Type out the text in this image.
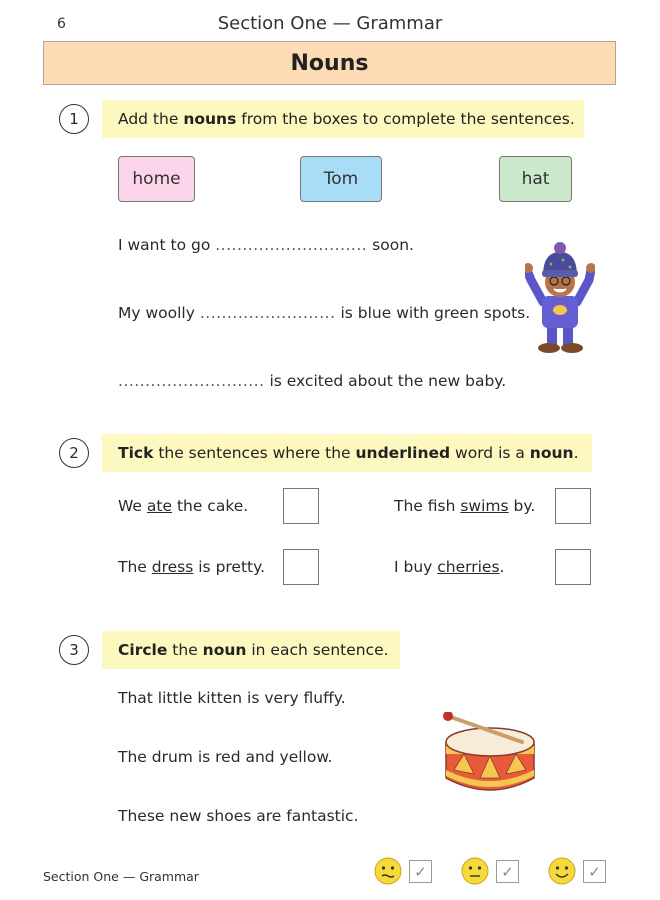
6	Section One — Grammar
Nouns
1	Add the
nouns
from the boxes to complete the sentences.
home	Tom	hat
I want to go ............................ soon.
My woolly ......................... is blue with green spots.
........................... is excited about the new baby.
2	Tick the sentences where the underlined word is a noun .
We ate the cake.	The fish swims by.
The dress is pretty.	I buy cherries.
3	Circle the noun in each sentence.
That little kitten is very fluffy.
The drum is red and yellow.
These new shoes are fantastic.
Section One — Grammar	✓	✓	✓
